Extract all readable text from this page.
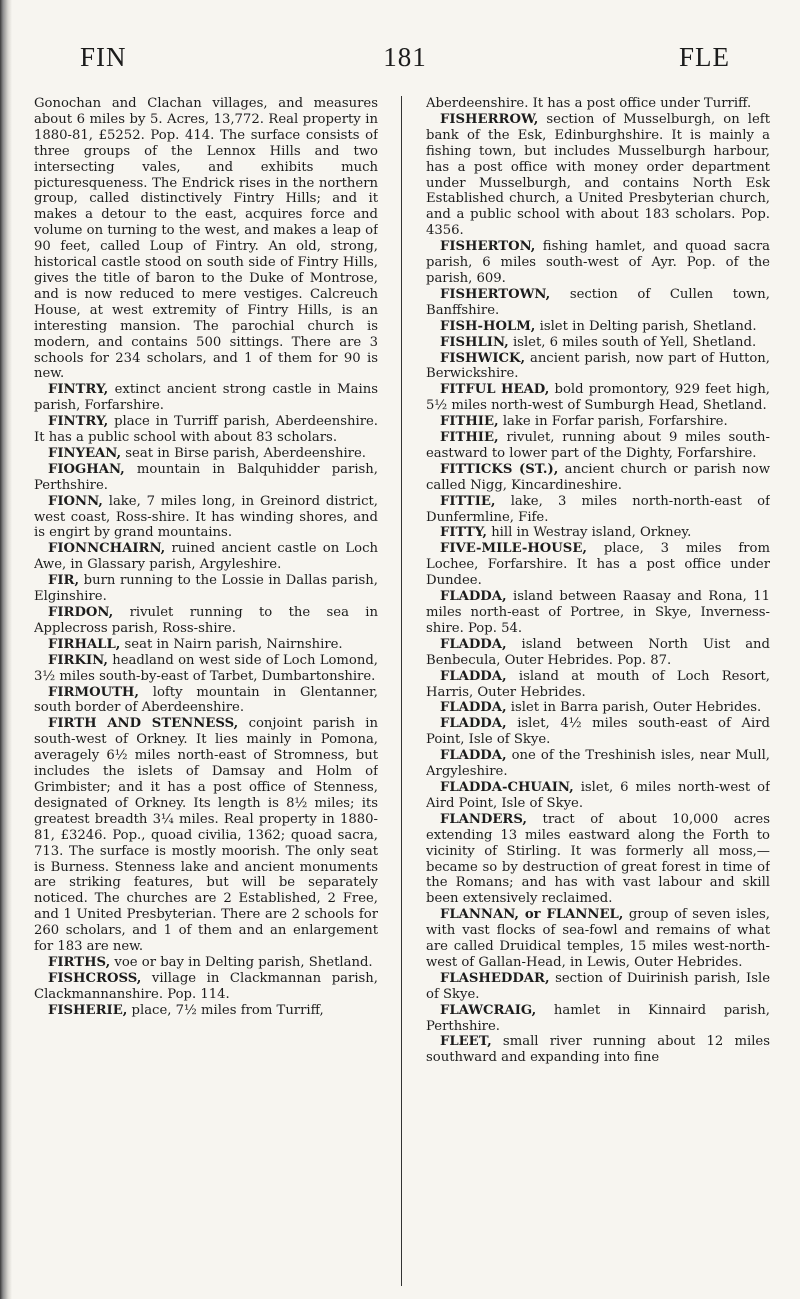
FIN	181	FLE

Gonochan and Clachan villages, and measures about 6 miles by 5. Acres, 13,772. Real property in 1880-81, £5252. Pop. 414. The surface consists of three groups of the Lennox Hills and two intersecting vales, and exhibits much picturesqueness. The Endrick rises in the northern group, called distinctively Fintry Hills; and it makes a detour to the east, acquires force and volume on turning to the west, and makes a leap of 90 feet, called Loup of Fintry. An old, strong, historical castle stood on south side of Fintry Hills, gives the title of baron to the Duke of Montrose, and is now reduced to mere vestiges. Calcreuch House, at west extremity of Fintry Hills, is an interesting mansion. The parochial church is modern, and contains 500 sittings. There are 3 schools for 234 scholars, and 1 of them for 90 is new.

FINTRY, extinct ancient strong castle in Mains parish, Forfarshire.

FINTRY, place in Turriff parish, Aberdeenshire. It has a public school with about 83 scholars.

FINYEAN, seat in Birse parish, Aberdeenshire.

FIOGHAN, mountain in Balquhidder parish, Perthshire.

FIONN, lake, 7 miles long, in Greinord district, west coast, Ross-shire. It has winding shores, and is engirt by grand mountains.

FIONNCHAIRN, ruined ancient castle on Loch Awe, in Glassary parish, Argyleshire.

FIR, burn running to the Lossie in Dallas parish, Elginshire.

FIRDON, rivulet running to the sea in Applecross parish, Ross-shire.

FIRHALL, seat in Nairn parish, Nairnshire.

FIRKIN, headland on west side of Loch Lomond, 3½ miles south-by-east of Tarbet, Dumbartonshire.

FIRMOUTH, lofty mountain in Glentanner, south border of Aberdeenshire.

FIRTH AND STENNESS, conjoint parish in south-west of Orkney. It lies mainly in Pomona, averagely 6½ miles north-east of Stromness, but includes the islets of Damsay and Holm of Grimbister; and it has a post office of Stenness, designated of Orkney. Its length is 8½ miles; its greatest breadth 3¼ miles. Real property in 1880-81, £3246. Pop., quoad civilia, 1362; quoad sacra, 713. The surface is mostly moorish. The only seat is Burness. Stenness lake and ancient monuments are striking features, but will be separately noticed. The churches are 2 Established, 2 Free, and 1 United Presbyterian. There are 2 schools for 260 scholars, and 1 of them and an enlargement for 183 are new.

FIRTHS, voe or bay in Delting parish, Shetland.

FISHCROSS, village in Clackmannan parish, Clackmannanshire. Pop. 114.

FISHERIE, place, 7½ miles from Turriff,

Aberdeenshire. It has a post office under Turriff.

FISHERROW, section of Musselburgh, on left bank of the Esk, Edinburghshire. It is mainly a fishing town, but includes Musselburgh harbour, has a post office with money order department under Musselburgh, and contains North Esk Established church, a United Presbyterian church, and a public school with about 183 scholars. Pop. 4356.

FISHERTON, fishing hamlet, and quoad sacra parish, 6 miles south-west of Ayr. Pop. of the parish, 609.

FISHERTOWN, section of Cullen town, Banffshire.

FISH-HOLM, islet in Delting parish, Shetland.

FISHLIN, islet, 6 miles south of Yell, Shetland.

FISHWICK, ancient parish, now part of Hutton, Berwickshire.

FITFUL HEAD, bold promontory, 929 feet high, 5½ miles north-west of Sumburgh Head, Shetland.

FITHIE, lake in Forfar parish, Forfarshire.

FITHIE, rivulet, running about 9 miles south-eastward to lower part of the Dighty, Forfarshire.

FITTICKS (ST.), ancient church or parish now called Nigg, Kincardineshire.

FITTIE, lake, 3 miles north-north-east of Dunfermline, Fife.

FITTY, hill in Westray island, Orkney.

FIVE-MILE-HOUSE, place, 3 miles from Lochee, Forfarshire. It has a post office under Dundee.

FLADDA, island between Raasay and Rona, 11 miles north-east of Portree, in Skye, Inverness-shire. Pop. 54.

FLADDA, island between North Uist and Benbecula, Outer Hebrides. Pop. 87.

FLADDA, island at mouth of Loch Resort, Harris, Outer Hebrides.

FLADDA, islet in Barra parish, Outer Hebrides.

FLADDA, islet, 4½ miles south-east of Aird Point, Isle of Skye.

FLADDA, one of the Treshinish isles, near Mull, Argyleshire.

FLADDA-CHUAIN, islet, 6 miles north-west of Aird Point, Isle of Skye.

FLANDERS, tract of about 10,000 acres extending 13 miles eastward along the Forth to vicinity of Stirling. It was formerly all moss,—became so by destruction of great forest in time of the Romans; and has with vast labour and skill been extensively reclaimed.

FLANNAN, or FLANNEL, group of seven isles, with vast flocks of sea-fowl and remains of what are called Druidical temples, 15 miles west-north-west of Gallan-Head, in Lewis, Outer Hebrides.

FLASHEDDAR, section of Duirinish parish, Isle of Skye.

FLAWCRAIG, hamlet in Kinnaird parish, Perthshire.

FLEET, small river running about 12 miles southward and expanding into fine
